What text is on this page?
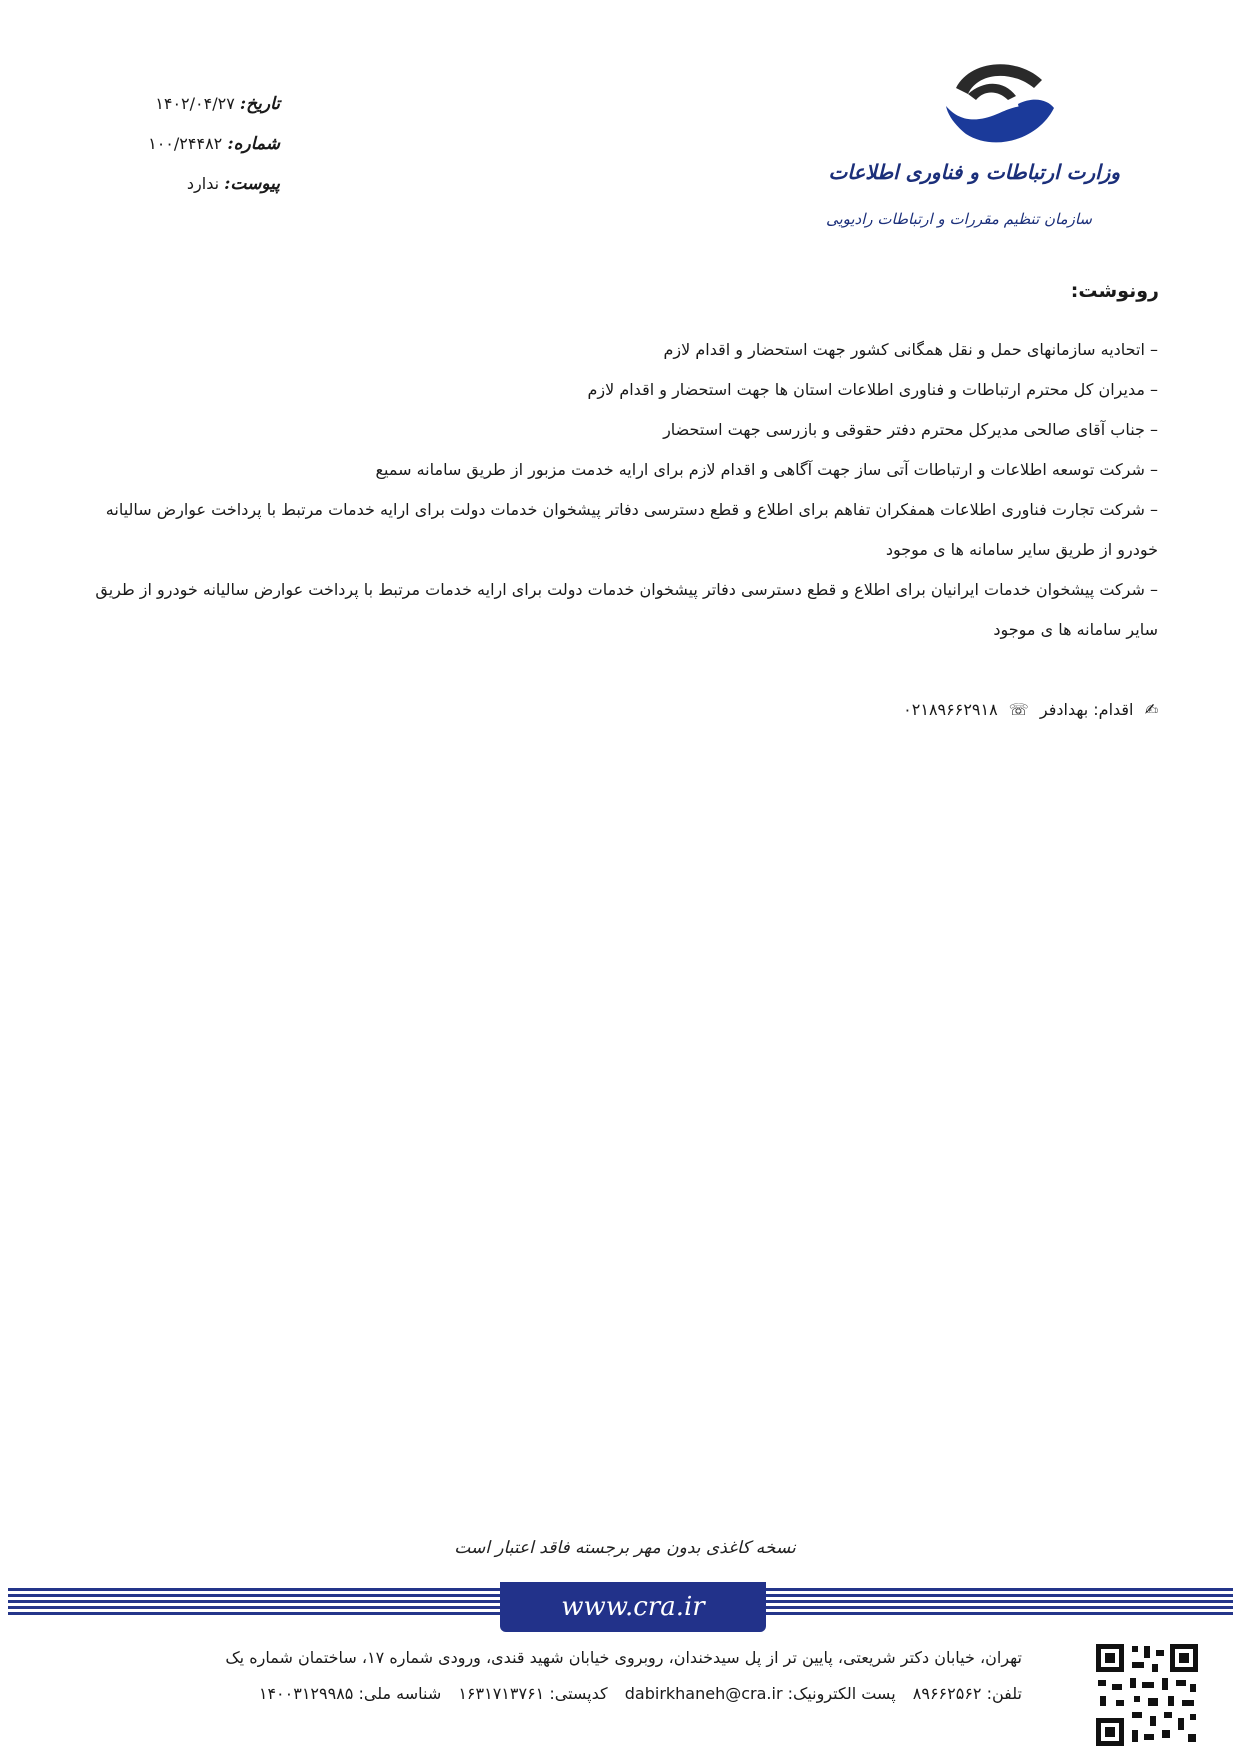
وزارت ارتباطات و فناوری اطلاعات
سازمان تنظیم مقررات و ارتباطات رادیویی
تاریخ: ۱۴۰۲/۰۴/۲۷
شماره: ۱۰۰/۲۴۴۸۲
پیوست: ندارد
رونوشت:

– اتحادیه سازمانهای حمل و نقل همگانی کشور جهت استحضار و اقدام لازم

– مدیران کل محترم ارتباطات و فناوری اطلاعات استان ها جهت استحضار و اقدام لازم

– جناب آقای صالحی مدیرکل محترم دفتر حقوقی و بازرسی جهت استحضار

– شرکت توسعه اطلاعات و ارتباطات آتی ساز جهت آگاهی و اقدام لازم برای ارایه خدمت مزبور از طریق سامانه سمیع

– شرکت تجارت فناوری اطلاعات همفکران تفاهم برای اطلاع و قطع دسترسی دفاتر پیشخوان خدمات دولت برای ارایه خدمات مرتبط با پرداخت عوارض سالیانه خودرو از طریق سایر سامانه ها ی موجود

– شرکت پیشخوان خدمات ایرانیان برای اطلاع و قطع دسترسی دفاتر پیشخوان خدمات دولت برای ارایه خدمات مرتبط با پرداخت عوارض سالیانه خودرو از طریق سایر سامانه ها ی موجود

✍ اقدام: بهدادفر ☏ ۰۲۱۸۹۶۶۲۹۱۸
نسخه کاغذی بدون مهر برجسته فاقد اعتبار است
www.cra.ir
تهران، خیابان دکتر شریعتی، پایین تر از پل سیدخندان، روبروی خیابان شهید قندی، ورودی شماره ۱۷، ساختمان شماره یک
تلفن: ۸۹۶۶۲۵۶۲ پست الکترونیک: dabirkhaneh@cra.ir کدپستی: ۱۶۳۱۷۱۳۷۶۱ شناسه ملی: ۱۴۰۰۳۱۲۹۹۸۵
